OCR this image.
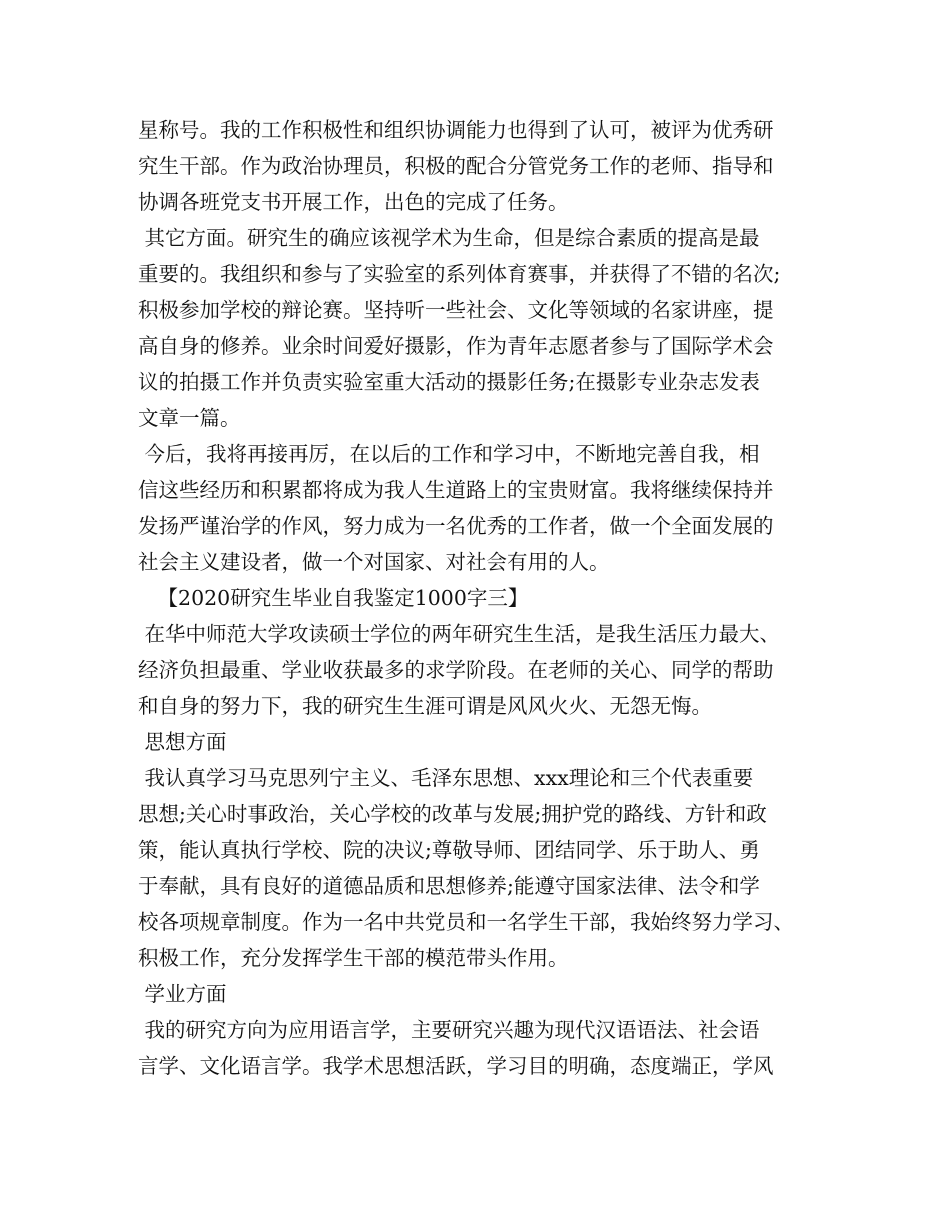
星称号。我的工作积极性和组织协调能力也得到了认可，被评为优秀研
究生干部。作为政治协理员，积极的配合分管党务工作的老师、指导和
协调各班党支书开展工作，出色的完成了任务。
其它方面。研究生的确应该视学术为生命，但是综合素质的提高是最
重要的。我组织和参与了实验室的系列体育赛事，并获得了不错的名次;
积极参加学校的辩论赛。坚持听一些社会、文化等领域的名家讲座，提
高自身的修养。业余时间爱好摄影，作为青年志愿者参与了国际学术会
议的拍摄工作并负责实验室重大活动的摄影任务;在摄影专业杂志发表
文章一篇。
今后，我将再接再厉，在以后的工作和学习中，不断地完善自我，相
信这些经历和积累都将成为我人生道路上的宝贵财富。我将继续保持并
发扬严谨治学的作风，努力成为一名优秀的工作者，做一个全面发展的
社会主义建设者，做一个对国家、对社会有用的人。
【2020研究生毕业自我鉴定1000字三】
在华中师范大学攻读硕士学位的两年研究生生活，是我生活压力最大、
经济负担最重、学业收获最多的求学阶段。在老师的关心、同学的帮助
和自身的努力下，我的研究生生涯可谓是风风火火、无怨无悔。
思想方面
我认真学习马克思列宁主义、毛泽东思想、xxx理论和三个代表重要
思想;关心时事政治，关心学校的改革与发展;拥护党的路线、方针和政
策，能认真执行学校、院的决议;尊敬导师、团结同学、乐于助人、勇
于奉献，具有良好的道德品质和思想修养;能遵守国家法律、法令和学
校各项规章制度。作为一名中共党员和一名学生干部，我始终努力学习、
积极工作，充分发挥学生干部的模范带头作用。
学业方面
我的研究方向为应用语言学，主要研究兴趣为现代汉语语法、社会语
言学、文化语言学。我学术思想活跃，学习目的明确，态度端正，学风
